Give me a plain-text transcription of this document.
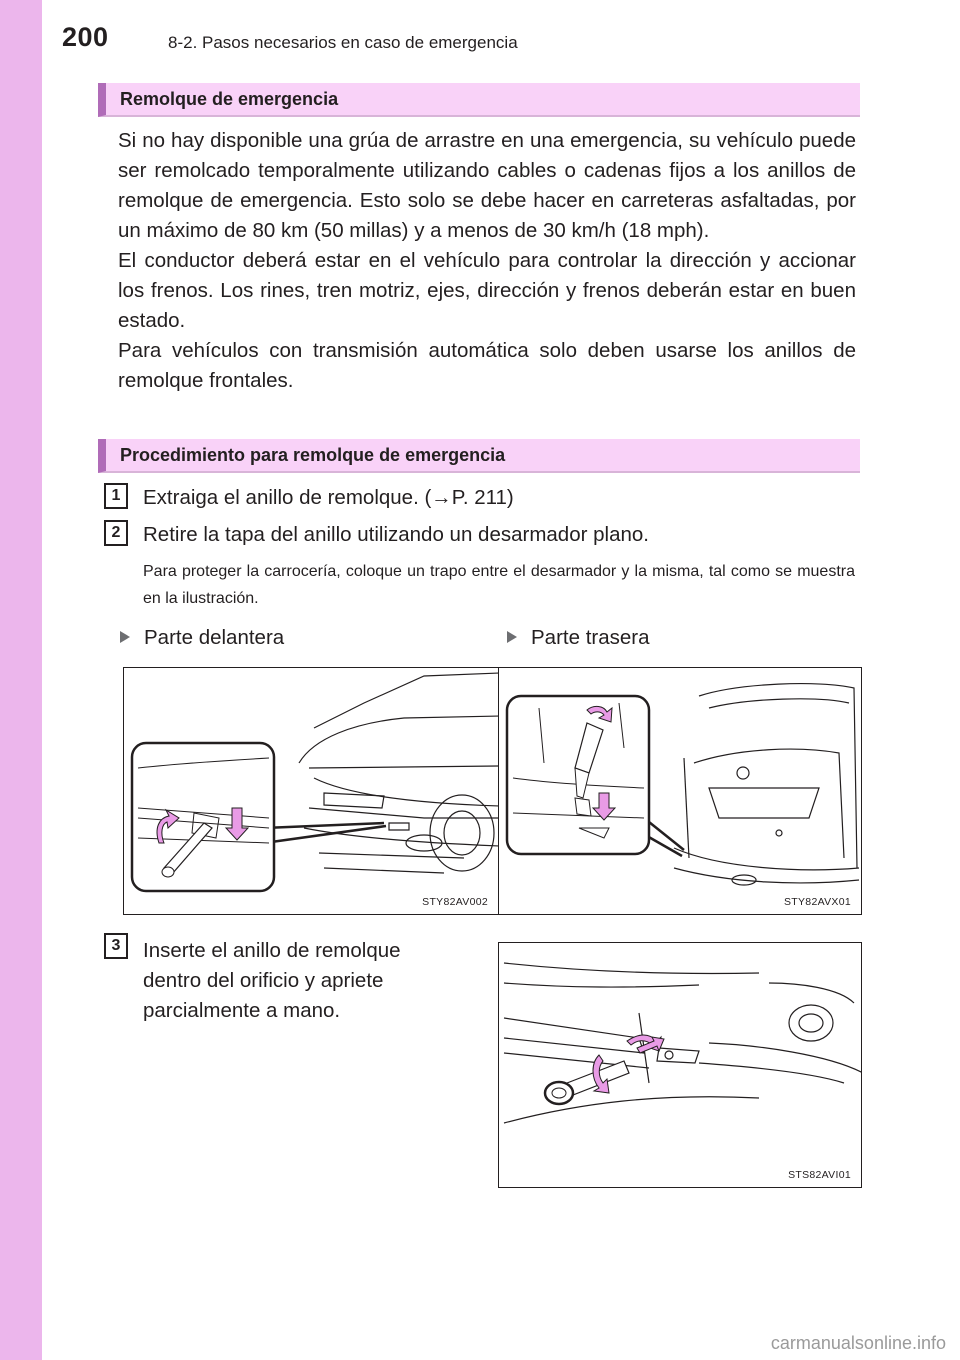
200	8-2. Pasos necesarios en caso de emergencia
Remolque de emergencia

Si no hay disponible una grúa de arrastre en una emergencia, su vehículo puede ser remolcado temporalmente utilizando cables o cadenas fijos a los anillos de remolque de emergencia. Esto solo se debe hacer en carreteras asfaltadas, por un máximo de 80 km (50 millas) y a menos de 30 km/h (18 mph).

El conductor deberá estar en el vehículo para controlar la dirección y accionar los frenos. Los rines, tren motriz, ejes, dirección y frenos deberán estar en buen estado.

Para vehículos con transmisión automática solo deben usarse los anillos de remolque frontales.

Procedimiento para remolque de emergencia
1	Extraiga el anillo de remolque. (→P. 211)
2	Retire la tapa del anillo utilizando un desarmador plano.
Para proteger la carrocería, coloque un trapo entre el desarmador y la misma, tal como se muestra en la ilustración.
Parte delantera	Parte trasera
STY82AV002	STY82AVX01
3	Inserte el anillo de remolque
dentro del orificio y apriete
parcialmente a mano.
STS82AVI01
carmanualsonline.info
